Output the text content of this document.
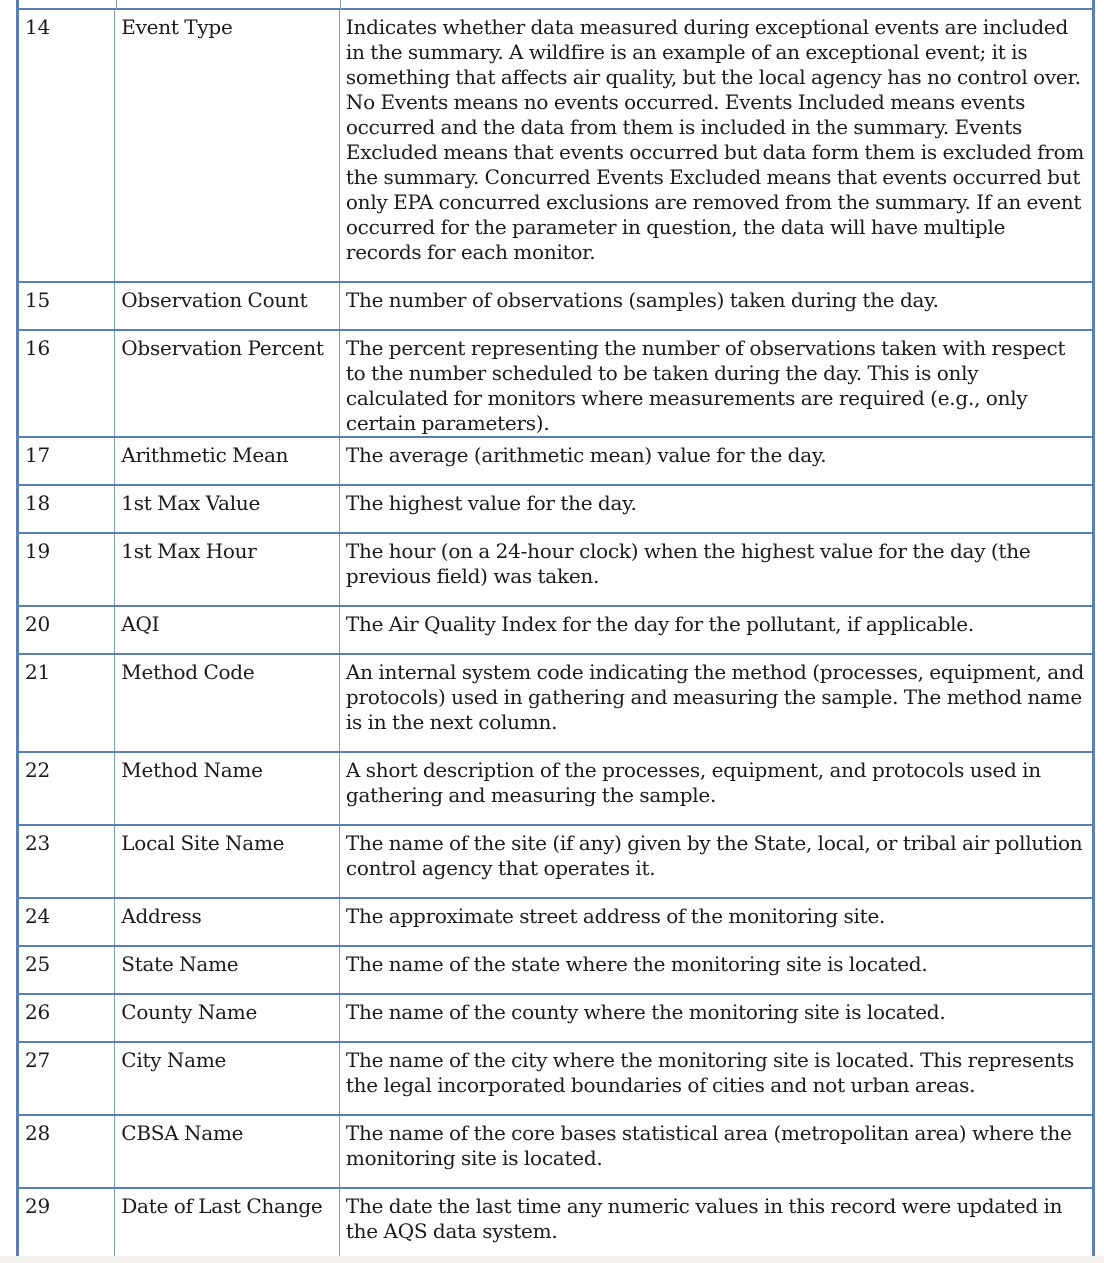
14	Event Type	Indicates whether data measured during exceptional events are included in the summary. A wildfire is an example of an exceptional event; it is something that affects air quality, but the local agency has no control over. No Events means no events occurred. Events Included means events occurred and the data from them is included in the summary. Events Excluded means that events occurred but data form them is excluded from the summary. Concurred Events Excluded means that events occurred but only EPA concurred exclusions are removed from the summary. If an event occurred for the parameter in question, the data will have multiple records for each monitor.
15	Observation Count	The number of observations (samples) taken during the day.
16	Observation Percent	The percent representing the number of observations taken with respect to the number scheduled to be taken during the day. This is only calculated for monitors where measurements are required (e.g., only certain parameters).
17	Arithmetic Mean	The average (arithmetic mean) value for the day.
18	1st Max Value	The highest value for the day.
19	1st Max Hour	The hour (on a 24-hour clock) when the highest value for the day (the previous field) was taken.
20	AQI	The Air Quality Index for the day for the pollutant, if applicable.
21	Method Code	An internal system code indicating the method (processes, equipment, and protocols) used in gathering and measuring the sample. The method name is in the next column.
22	Method Name	A short description of the processes, equipment, and protocols used in gathering and measuring the sample.
23	Local Site Name	The name of the site (if any) given by the State, local, or tribal air pollution control agency that operates it.
24	Address	The approximate street address of the monitoring site.
25	State Name	The name of the state where the monitoring site is located.
26	County Name	The name of the county where the monitoring site is located.
27	City Name	The name of the city where the monitoring site is located. This represents the legal incorporated boundaries of cities and not urban areas.
28	CBSA Name	The name of the core bases statistical area (metropolitan area) where the monitoring site is located.
29	Date of Last Change	The date the last time any numeric values in this record were updated in the AQS data system.
